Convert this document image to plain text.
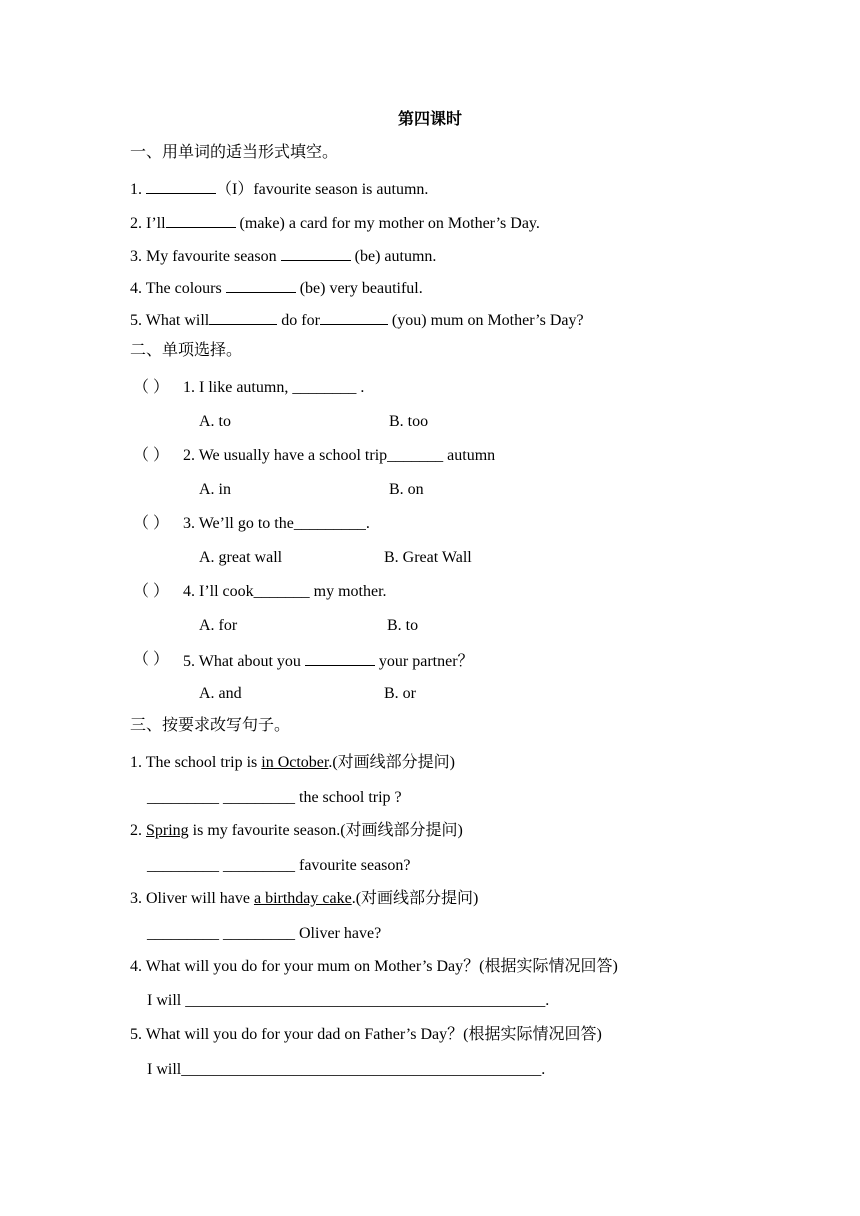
第四课时
一、用单词的适当形式填空。
1.	（I）favourite season is autumn.
2. I’ll	(make) a card for my mother on Mother’s Day.
3. My favourite season	(be) autumn.
4. The colours	(be) very beautiful.
5. What will	do for	(you) mum on Mother’s Day?
二、单项选择。
（ ） 1. I like autumn, ________ .
A. to	B. too
（ ） 2. We usually have a school trip_______ autumn
A. in	B. on
（ ） 3. We’ll go to the_________.
A. great wall	B. Great Wall
（ ） 4. I’ll cook_______ my mother.
A. for	B. to
（ ） 5. What about you	your partner？
A. and	B. or
三、按要求改写句子。
1. The school trip is in October.(对画线部分提问)
_________ _________ the school trip ?
2. Spring is my favourite season.(对画线部分提问)
_________ _________ favourite season?
3. Oliver will have a birthday cake.(对画线部分提问)
_________ _________ Oliver have?
4. What will you do for your mum on Mother’s Day？(根据实际情况回答)
I will _____________________________________________.
5. What will you do for your dad on Father’s Day？(根据实际情况回答)
I will_____________________________________________.
